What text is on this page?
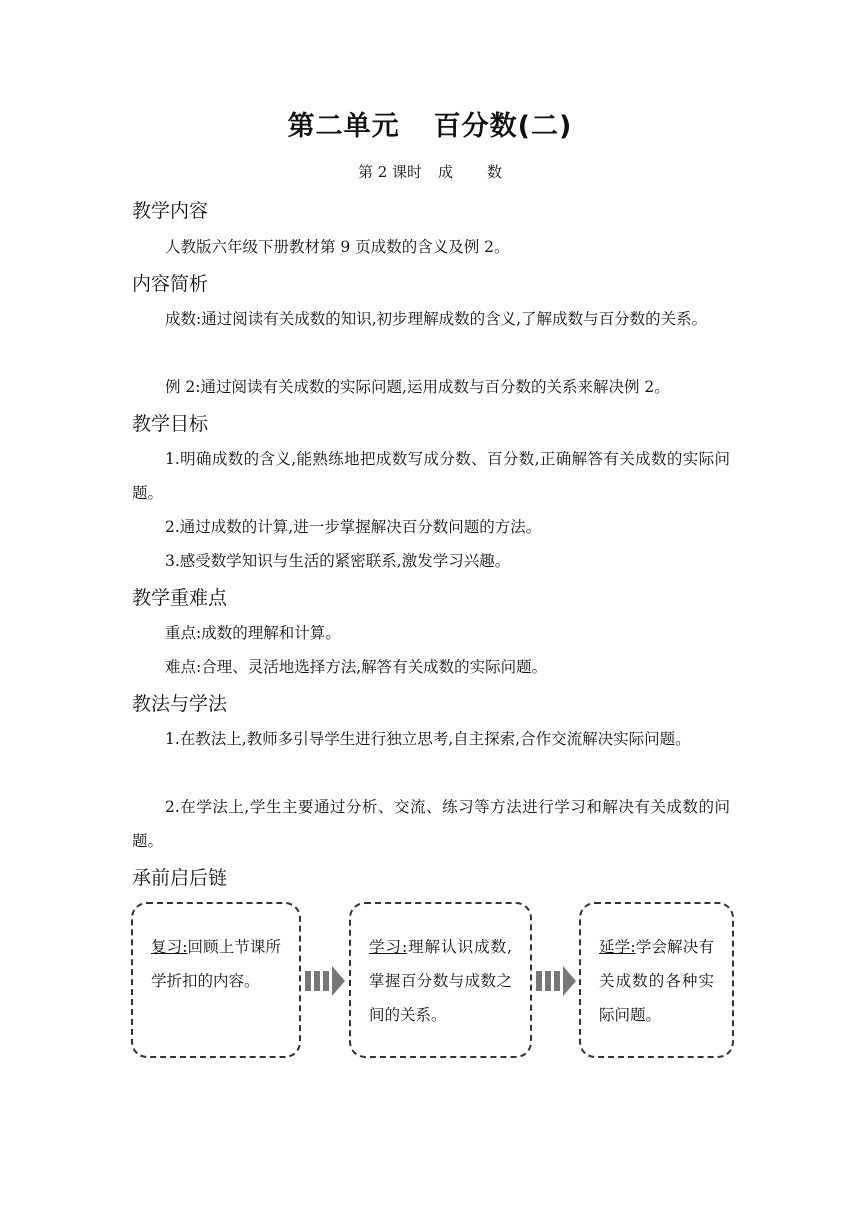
第二单元 百分数(二)

第 2 课时 成 数

教学内容

人教版六年级下册教材第 9 页成数的含义及例 2。

内容简析

成数:通过阅读有关成数的知识,初步理解成数的含义,了解成数与百分数的关系。

例 2:通过阅读有关成数的实际问题,运用成数与百分数的关系来解决例 2。

教学目标

1.明确成数的含义,能熟练地把成数写成分数、百分数,正确解答有关成数的实际问题。

2.通过成数的计算,进一步掌握解决百分数问题的方法。

3.感受数学知识与生活的紧密联系,激发学习兴趣。

教学重难点

重点:成数的理解和计算。

难点:合理、灵活地选择方法,解答有关成数的实际问题。

教法与学法

1.在教法上,教师多引导学生进行独立思考,自主探索,合作交流解决实际问题。

2.在学法上,学生主要通过分析、交流、练习等方法进行学习和解决有关成数的问题。

承前启后链
复习:回顾上节课所学折扣的内容。
学习:理解认识成数,掌握百分数与成数之间的关系。
延学:学会解决有关成数的各种实际问题。
